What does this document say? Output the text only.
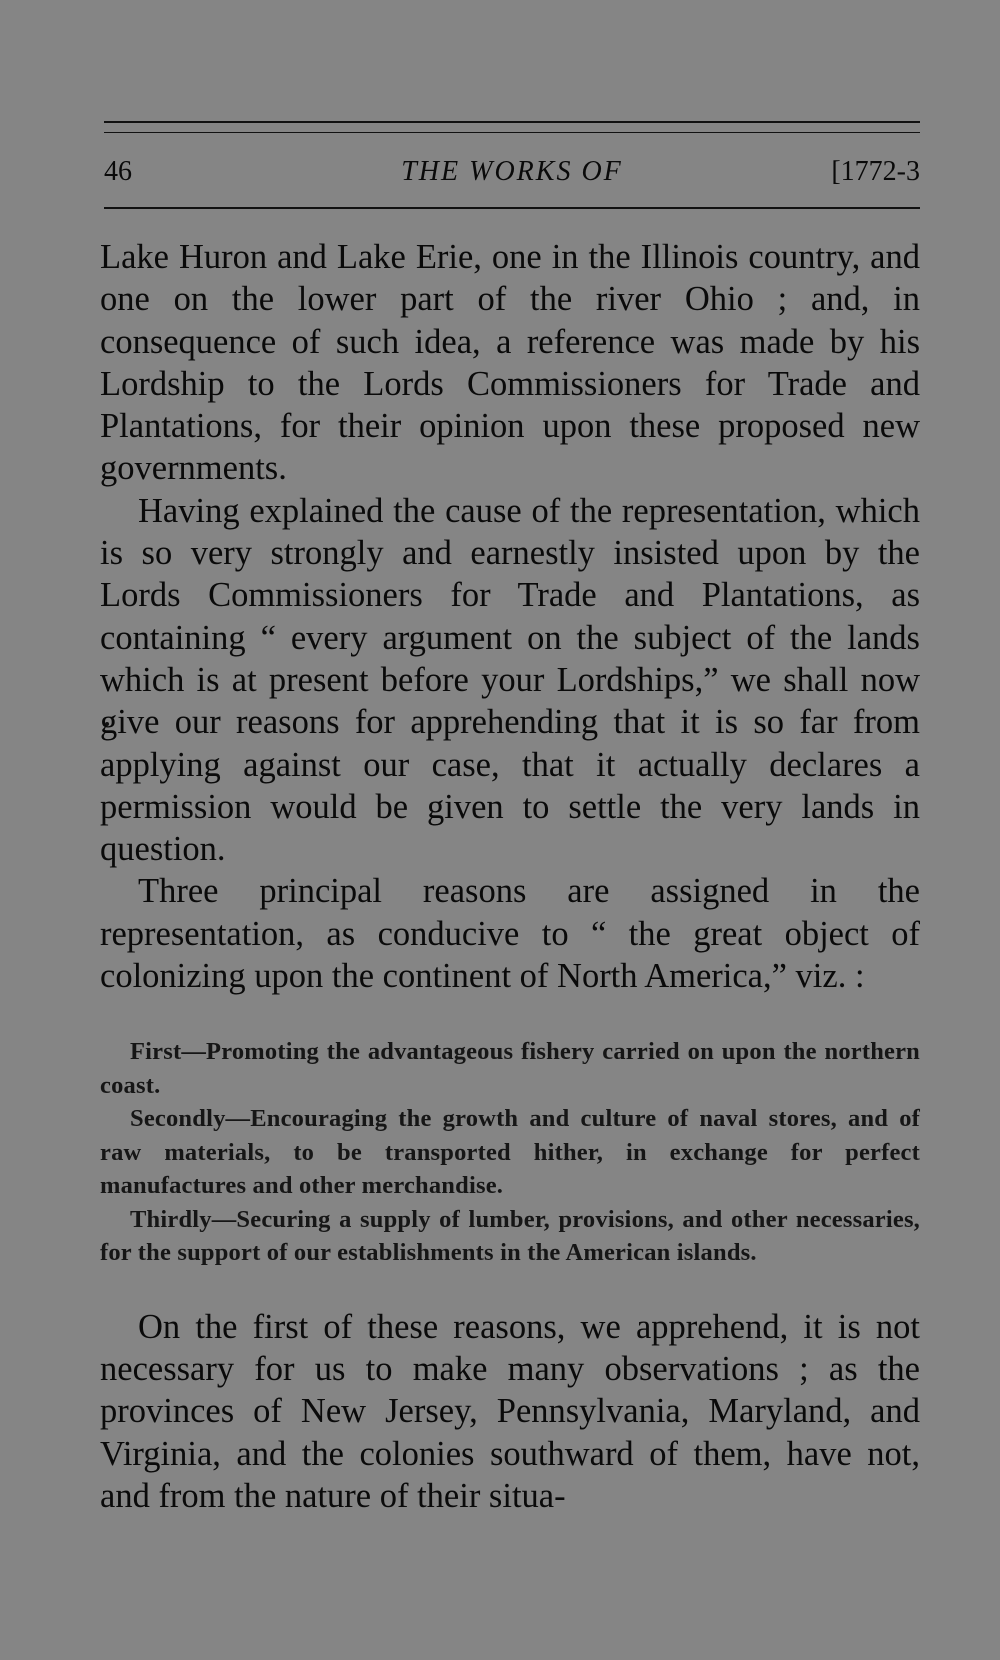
46	THE WORKS OF	[1772-3

Lake Huron and Lake Erie, one in the Illinois country, and one on the lower part of the river Ohio ; and, in consequence of such idea, a reference was made by his Lordship to the Lords Commissioners for Trade and Plantations, for their opinion upon these proposed new governments.

Having explained the cause of the representation, which is so very strongly and earnestly insisted upon by the Lords Commissioners for Trade and Plantations, as containing “ every argument on the subject of the lands which is at present before your Lordships,” we shall now give our reasons for apprehending that it is so far from applying against our case, that it actually declares a permission would be given to settle the very lands in question.

Three principal reasons are assigned in the representation, as conducive to “ the great object of colonizing upon the continent of North America,” viz. :

First—Promoting the advantageous fishery carried on upon the northern coast.

Secondly—Encouraging the growth and culture of naval stores, and of raw materials, to be transported hither, in exchange for perfect manufactures and other merchandise.

Thirdly—Securing a supply of lumber, provisions, and other necessaries, for the support of our establishments in the American islands.

On the first of these reasons, we apprehend, it is not necessary for us to make many observations ; as the provinces of New Jersey, Pennsylvania, Maryland, and Virginia, and the colonies southward of them, have not, and from the nature of their situa-
